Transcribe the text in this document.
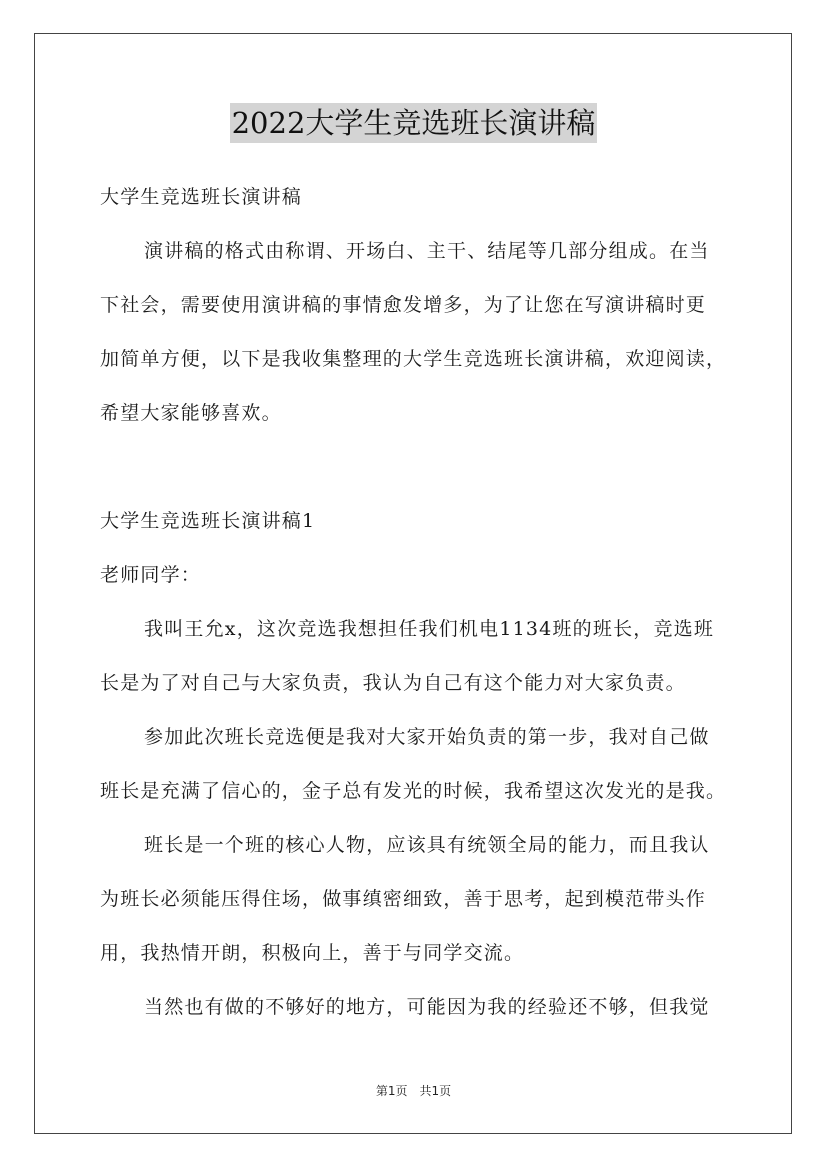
2022大学生竞选班长演讲稿
大学生竞选班长演讲稿
演讲稿的格式由称谓、开场白、主干、结尾等几部分组成。在当
下社会，需要使用演讲稿的事情愈发增多，为了让您在写演讲稿时更
加简单方便，以下是我收集整理的大学生竞选班长演讲稿，欢迎阅读，
希望大家能够喜欢。
大学生竞选班长演讲稿1
老师同学：
我叫王允x，这次竞选我想担任我们机电1134班的班长，竞选班
长是为了对自己与大家负责，我认为自己有这个能力对大家负责。
参加此次班长竞选便是我对大家开始负责的第一步，我对自己做
班长是充满了信心的，金子总有发光的时候，我希望这次发光的是我。
班长是一个班的核心人物，应该具有统领全局的能力，而且我认
为班长必须能压得住场，做事缜密细致，善于思考，起到模范带头作
用，我热情开朗，积极向上，善于与同学交流。
当然也有做的不够好的地方，可能因为我的经验还不够，但我觉
第1页 共1页
